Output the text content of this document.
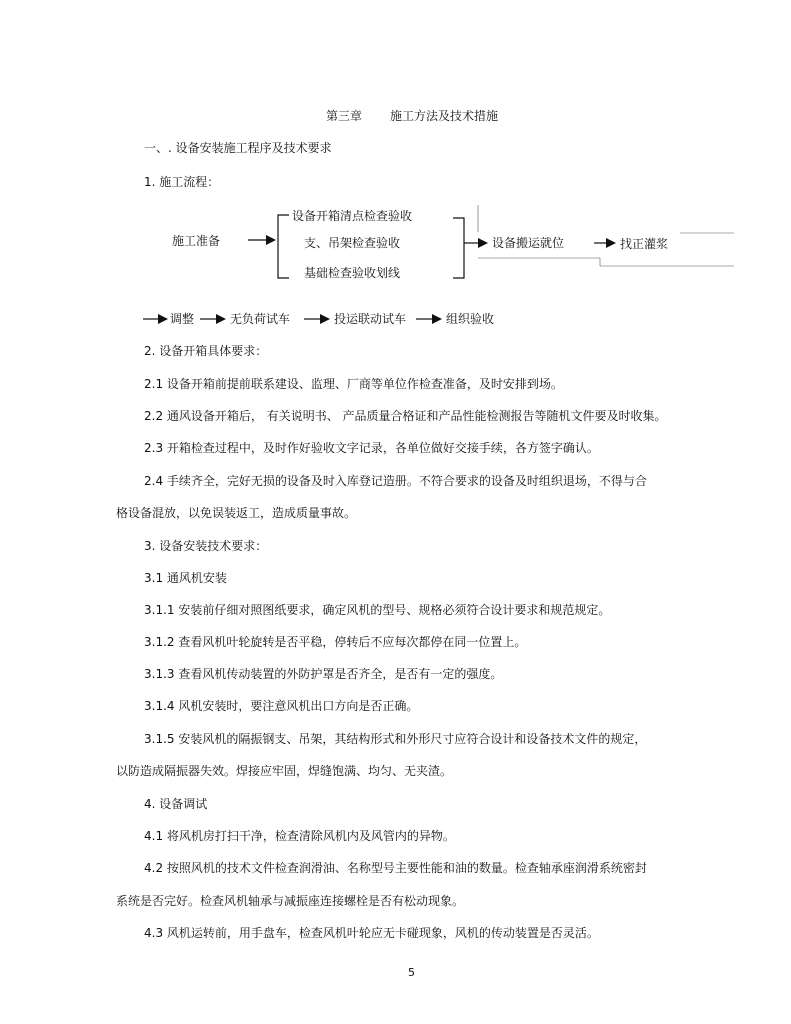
第三章 施工方法及技术措施
一、. 设备安装施工程序及技术要求
1. 施工流程：
施工准备
设备开箱清点检查验收
支、吊架检查验收
基础检查验收划线
设备搬运就位	找正灌浆
调整	无负荷试车	投运联动试车	组织验收
2. 设备开箱具体要求：
2.1 设备开箱前提前联系建设、监理、厂商等单位作检查准备，及时安排到场。
2.2 通风设备开箱后， 有关说明书、 产品质量合格证和产品性能检测报告等随机文件要及时收集。
2.3 开箱检查过程中，及时作好验收文字记录，各单位做好交接手续，各方签字确认。
2.4 手续齐全，完好无损的设备及时入库登记造册。不符合要求的设备及时组织退场，不得与合
格设备混放，以免误装返工，造成质量事故。
3. 设备安装技术要求：
3.1 通风机安装
3.1.1 安装前仔细对照图纸要求，确定风机的型号、规格必须符合设计要求和规范规定。
3.1.2 查看风机叶轮旋转是否平稳，停转后不应每次都停在同一位置上。
3.1.3 查看风机传动装置的外防护罩是否齐全，是否有一定的强度。
3.1.4 风机安装时，要注意风机出口方向是否正确。
3.1.5 安装风机的隔振钢支、吊架，其结构形式和外形尺寸应符合设计和设备技术文件的规定，
以防造成隔振器失效。焊接应牢固，焊缝饱满、均匀、无夹渣。
4. 设备调试
4.1 将风机房打扫干净，检查清除风机内及风管内的异物。
4.2 按照风机的技术文件检查润滑油、名称型号主要性能和油的数量。检查轴承座润滑系统密封
系统是否完好。检查风机轴承与减振座连接螺栓是否有松动现象。
4.3 风机运转前，用手盘车，检查风机叶轮应无卡碰现象，风机的传动装置是否灵活。
5
